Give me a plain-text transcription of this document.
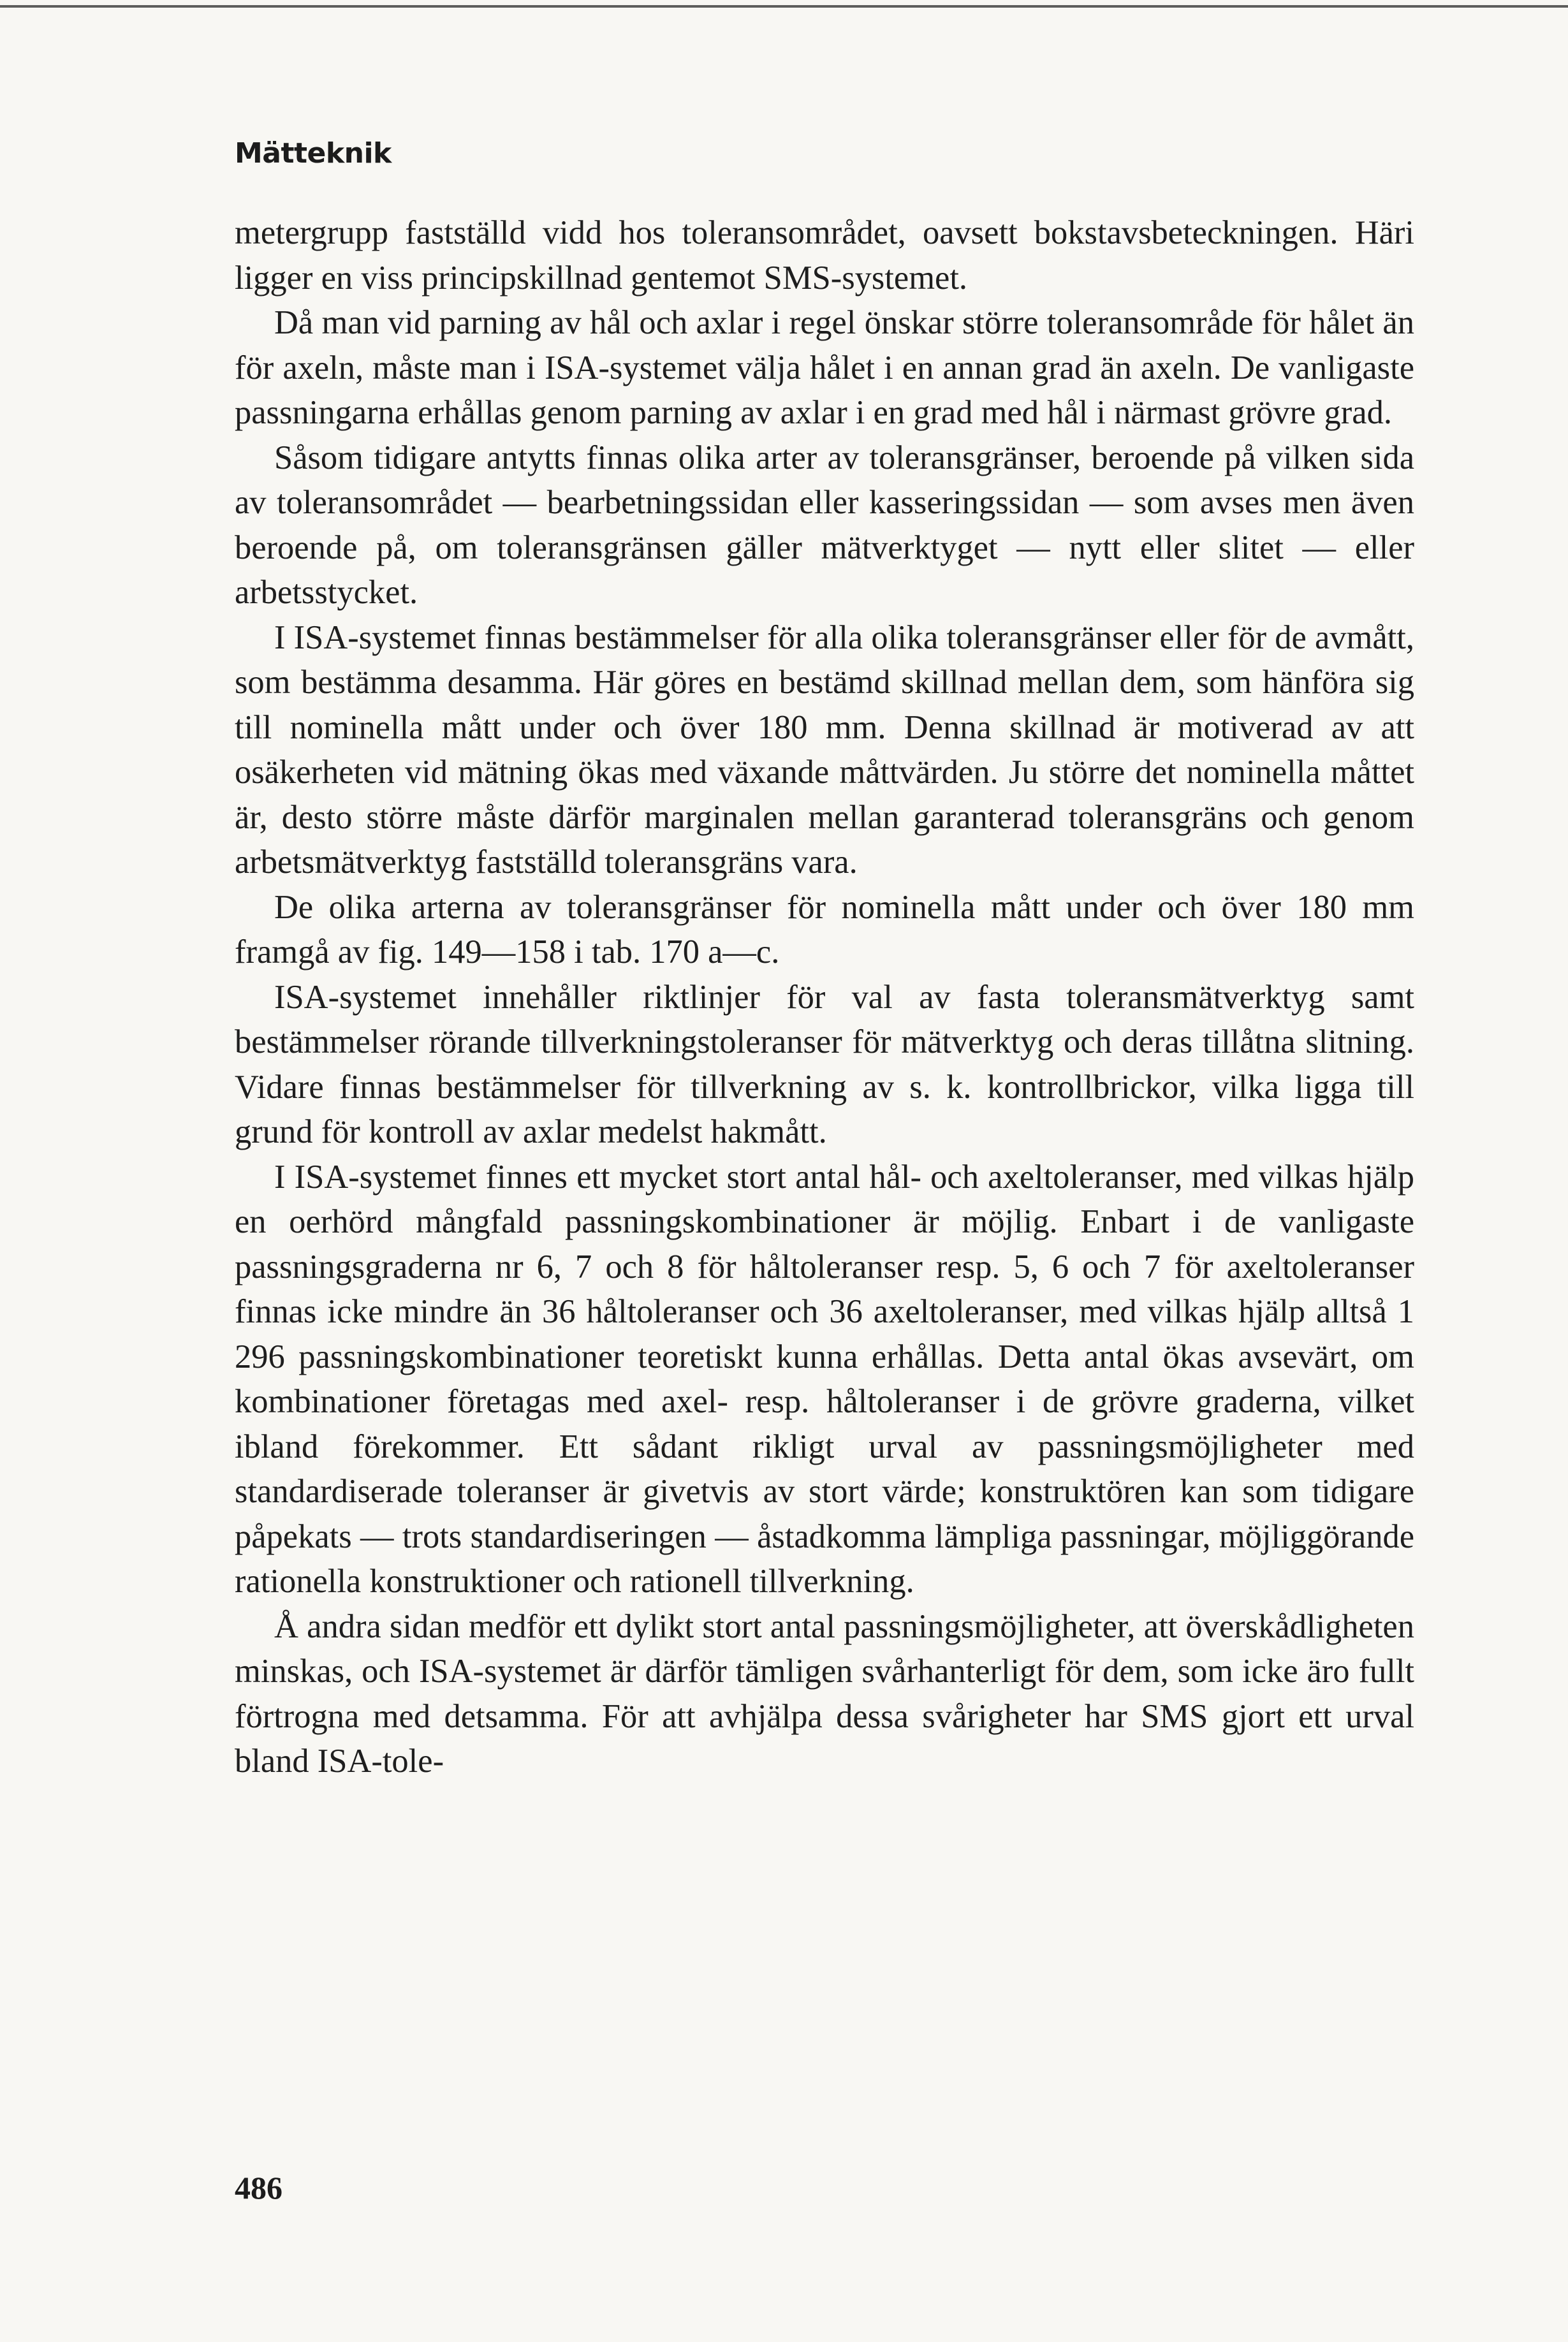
Mätteknik

metergrupp fastställd vidd hos toleransområdet, oavsett bokstavsbeteckningen. Häri ligger en viss principskillnad gentemot SMS-systemet.

Då man vid parning av hål och axlar i regel önskar större toleransområde för hålet än för axeln, måste man i ISA-systemet välja hålet i en annan grad än axeln. De vanligaste passningarna erhållas genom parning av axlar i en grad med hål i närmast grövre grad.

Såsom tidigare antytts finnas olika arter av toleransgränser, beroende på vilken sida av toleransområdet — bearbetningssidan eller kasseringssidan — som avses men även beroende på, om toleransgränsen gäller mätverktyget — nytt eller slitet — eller arbetsstycket.

I ISA-systemet finnas bestämmelser för alla olika toleransgränser eller för de avmått, som bestämma desamma. Här göres en bestämd skillnad mellan dem, som hänföra sig till nominella mått under och över 180 mm. Denna skillnad är motiverad av att osäkerheten vid mätning ökas med växande måttvärden. Ju större det nominella måttet är, desto större måste därför marginalen mellan garanterad toleransgräns och genom arbetsmätverktyg fastställd toleransgräns vara.

De olika arterna av toleransgränser för nominella mått under och över 180 mm framgå av fig. 149—158 i tab. 170 a—c.

ISA-systemet innehåller riktlinjer för val av fasta toleransmätverktyg samt bestämmelser rörande tillverkningstoleranser för mätverktyg och deras tillåtna slitning. Vidare finnas bestämmelser för tillverkning av s. k. kontrollbrickor, vilka ligga till grund för kontroll av axlar medelst hakmått.

I ISA-systemet finnes ett mycket stort antal hål- och axeltoleranser, med vilkas hjälp en oerhörd mångfald passningskombinationer är möjlig. Enbart i de vanligaste passningsgraderna nr 6, 7 och 8 för håltoleranser resp. 5, 6 och 7 för axeltoleranser finnas icke mindre än 36 håltoleranser och 36 axeltoleranser, med vilkas hjälp alltså 1 296 passningskombinationer teoretiskt kunna erhållas. Detta antal ökas avsevärt, om kombinationer företagas med axel- resp. håltoleranser i de grövre graderna, vilket ibland förekommer. Ett sådant rikligt urval av passningsmöjligheter med standardiserade toleranser är givetvis av stort värde; konstruktören kan som tidigare påpekats — trots standardiseringen — åstadkomma lämpliga passningar, möjliggörande rationella konstruktioner och rationell tillverkning.

Å andra sidan medför ett dylikt stort antal passningsmöjligheter, att överskådligheten minskas, och ISA-systemet är därför tämligen svårhanterligt för dem, som icke äro fullt förtrogna med detsamma. För att avhjälpa dessa svårigheter har SMS gjort ett urval bland ISA-tole-

486
